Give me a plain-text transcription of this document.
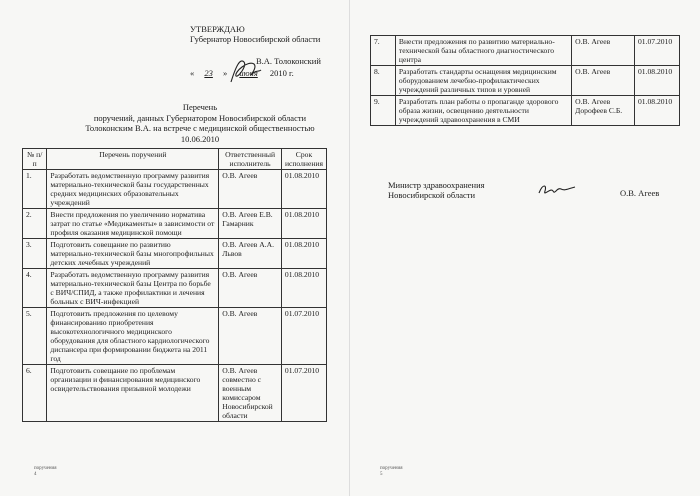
УТВЕРЖДАЮ
Губернатор Новосибирской области
В.А. Толоконский
« 23 » июня 2010 г.
Перечень
поручений, данных Губернатором Новосибирской области
Толоконским В.А. на встрече с медицинской общественностью
10.06.2010
№ п/п	Перечень поручений	Ответственный исполнитель	Срок исполнения
1.	Разработать ведомственную программу развития материально-технической базы государственных средних медицинских образовательных учреждений	О.В. Агеев	01.08.2010
2.	Внести предложения по увеличению норматива затрат по статье «Медикаменты» в зависимости от профиля оказания медицинской помощи	О.В. Агеев Е.В. Гамарник	01.08.2010
3.	Подготовить совещание по развитию материально-технической базы многопрофильных детских лечебных учреждений	О.В. Агеев А.А. Львов	01.08.2010
4.	Разработать ведомственную программу развития материально-технической базы Центра по борьбе с ВИЧ/СПИД, а также профилактики и лечения больных с ВИЧ-инфекцией	О.В. Агеев	01.08.2010
5.	Подготовить предложения по целевому финансированию приобретения высокотехнологичного медицинского оборудования для областного кардиологического диспансера при формировании бюджета на 2011 год	О.В. Агеев	01.07.2010
6.	Подготовить совещание по проблемам организации и финансирования медицинского освидетельствования призывной молодежи	О.В. Агеев совместно с военным комиссаром Новосибирской области	01.07.2010
поручения
4
7.	Внести предложения по развитию материально-технической базы областного диагностического центра	О.В. Агеев	01.07.2010
8.	Разработать стандарты оснащения медицинским оборудованием лечебно-профилактических учреждений различных типов и уровней	О.В. Агеев	01.08.2010
9.	Разработать план работы о пропаганде здорового образа жизни, освещению деятельности учреждений здравоохранения в СМИ	О.В. Агеев Дорофеев С.Б.	01.08.2010
Министр здравоохранения
Новосибирской области	О.В. Агеев
поручения
5
